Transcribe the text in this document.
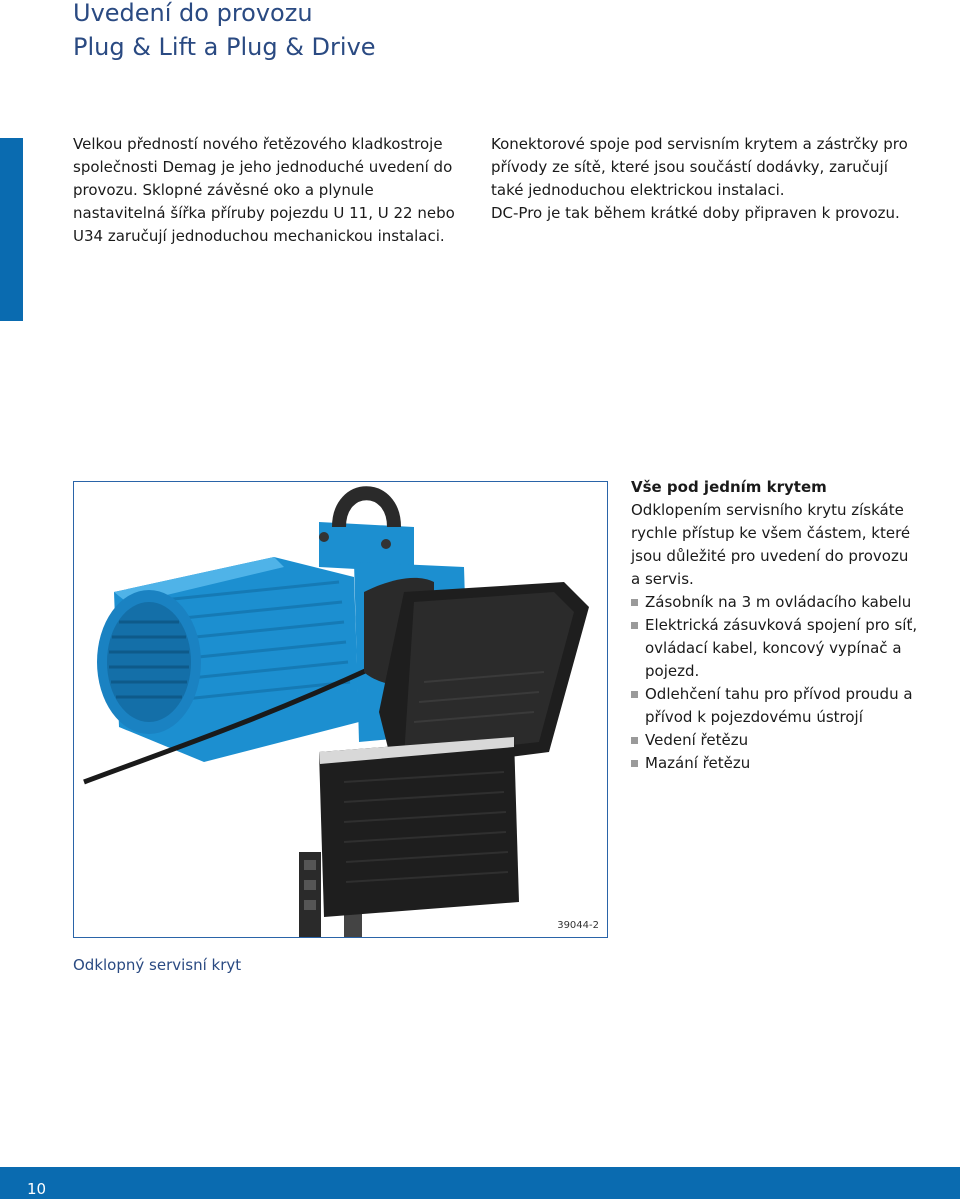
Uvedení do provozu
Plug & Lift a Plug & Drive

Velkou předností nového řetězového kladkostroje společnosti Demag je jeho jednoduché uvedení do provozu. Sklopné závěsné oko a plynule nastavitelná šířka příruby pojezdu U 11, U 22 nebo U34 zaručují jednoduchou mechanickou instalaci.

Konektorové spoje pod servisním krytem a zástrčky pro přívody ze sítě, které jsou součástí dodávky, zaručují také jednoduchou elektrickou instalaci.

DC-Pro je tak během krátké doby připraven k provozu.

39044-2
Odklopný servisní kryt

Vše pod jedním krytem

Odklopením servisního krytu získáte rychle přístup ke všem částem, které jsou důležité pro uvedení do provozu a servis.

Zásobník na 3 m ovládacího kabelu
Elektrická zásuvková spojení pro síť, ovládací kabel, koncový vypínač a pojezd.
Odlehčení tahu pro přívod proudu a přívod k pojezdovému ústrojí
Vedení řetězu
Mazání řetězu
10
